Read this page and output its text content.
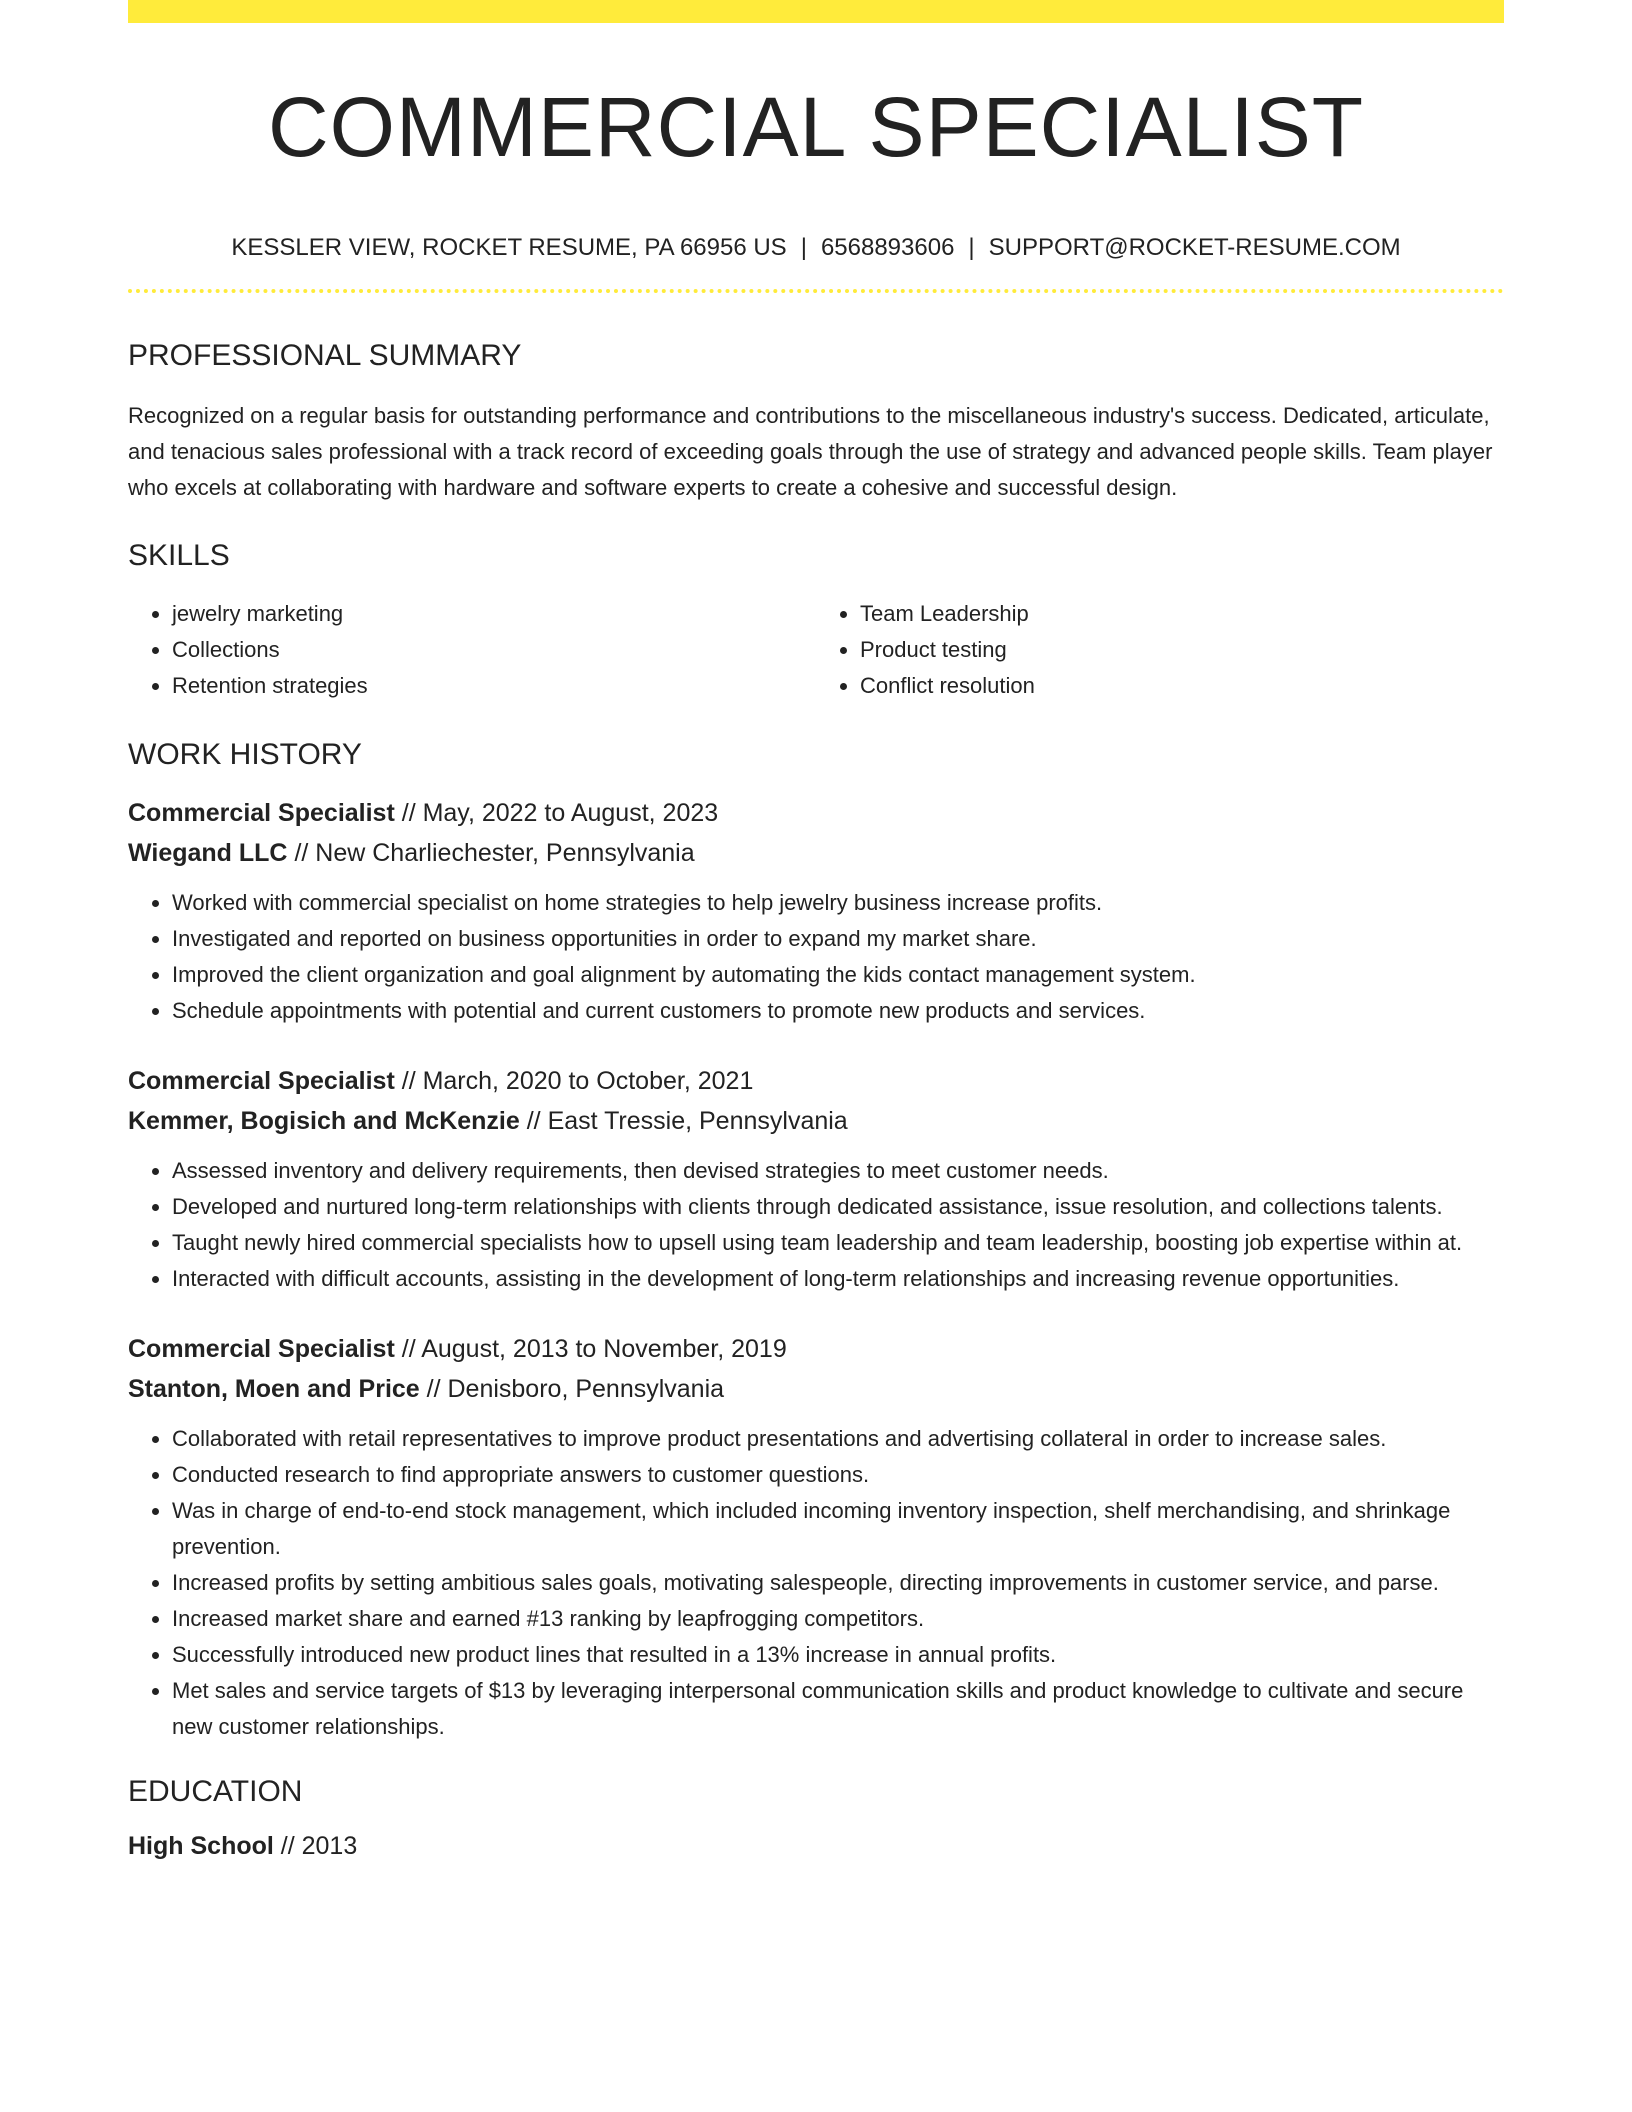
COMMERCIAL SPECIALIST
KESSLER VIEW, ROCKET RESUME, PA 66956 US | 6568893606 | SUPPORT@ROCKET-RESUME.COM
PROFESSIONAL SUMMARY
Recognized on a regular basis for outstanding performance and contributions to the miscellaneous industry's success. Dedicated, articulate, and tenacious sales professional with a track record of exceeding goals through the use of strategy and advanced people skills. Team player who excels at collaborating with hardware and software experts to create a cohesive and successful design.
SKILLS
• jewelry marketing
• Collections
• Retention strategies
• Team Leadership
• Product testing
• Conflict resolution
WORK HISTORY
Commercial Specialist // May, 2022 to August, 2023
Wiegand LLC // New Charliechester, Pennsylvania
• Worked with commercial specialist on home strategies to help jewelry business increase profits.
• Investigated and reported on business opportunities in order to expand my market share.
• Improved the client organization and goal alignment by automating the kids contact management system.
• Schedule appointments with potential and current customers to promote new products and services.
Commercial Specialist // March, 2020 to October, 2021
Kemmer, Bogisich and McKenzie // East Tressie, Pennsylvania
• Assessed inventory and delivery requirements, then devised strategies to meet customer needs.
• Developed and nurtured long-term relationships with clients through dedicated assistance, issue resolution, and collections talents.
• Taught newly hired commercial specialists how to upsell using team leadership and team leadership, boosting job expertise within at.
• Interacted with difficult accounts, assisting in the development of long-term relationships and increasing revenue opportunities.
Commercial Specialist // August, 2013 to November, 2019
Stanton, Moen and Price // Denisboro, Pennsylvania
• Collaborated with retail representatives to improve product presentations and advertising collateral in order to increase sales.
• Conducted research to find appropriate answers to customer questions.
• Was in charge of end-to-end stock management, which included incoming inventory inspection, shelf merchandising, and shrinkage prevention.
• Increased profits by setting ambitious sales goals, motivating salespeople, directing improvements in customer service, and parse.
• Increased market share and earned #13 ranking by leapfrogging competitors.
• Successfully introduced new product lines that resulted in a 13% increase in annual profits.
• Met sales and service targets of $13 by leveraging interpersonal communication skills and product knowledge to cultivate and secure new customer relationships.
EDUCATION
High School // 2013
